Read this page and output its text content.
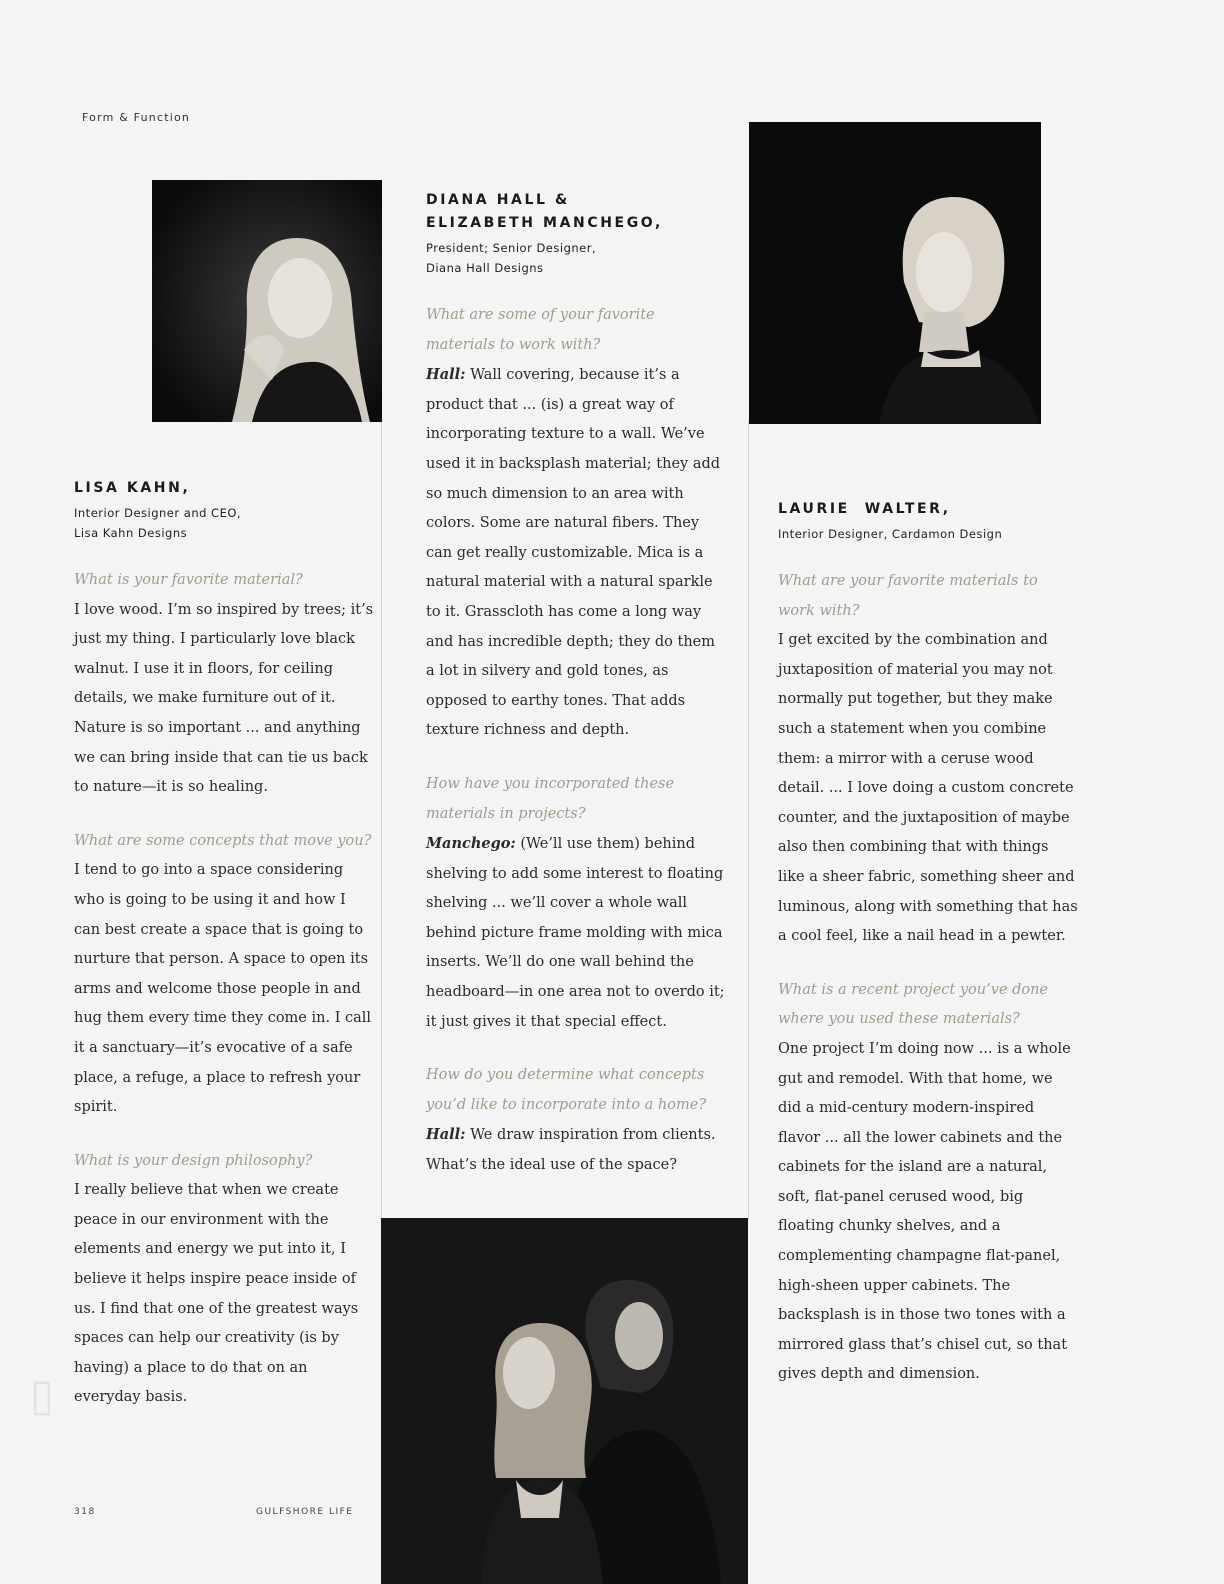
▯
Form & Function
LISA KAHN,
Interior Designer and CEO,
Lisa Kahn Designs
What is your favorite material?
I love wood. I’m so inspired by trees; it’s just my thing. I particularly love black walnut. I use it in floors, for ceiling details, we make furniture out of it. Nature is so important ... and anything we can bring inside that can tie us back to nature—it is so healing.
What are some concepts that move you?
I tend to go into a space considering who is going to be using it and how I can best create a space that is going to nurture that person. A space to open its arms and welcome those people in and hug them every time they come in. I call it a sanctuary—it’s evocative of a safe place, a refuge, a place to refresh your spirit.
What is your design philosophy?
I really believe that when we create peace in our environment with the elements and energy we put into it, I believe it helps inspire peace inside of us. I find that one of the greatest ways spaces can help our creativity (is by having) a place to do that on an everyday basis.
DIANA HALL &
ELIZABETH MANCHEGO,
President; Senior Designer,
Diana Hall Designs
What are some of your favorite materials to work with?
Hall: Wall covering, because it’s a product that ... (is) a great way of incorporating texture to a wall. We’ve used it in backsplash material; they add so much dimension to an area with colors. Some are natural fibers. They can get really customizable. Mica is a natural material with a natural sparkle to it. Grasscloth has come a long way and has incredible depth; they do them a lot in silvery and gold tones, as opposed to earthy tones. That adds texture richness and depth.
How have you incorporated these materials in projects?
Manchego: (We’ll use them) behind shelving to add some interest to floating shelving ... we’ll cover a whole wall behind picture frame molding with mica inserts. We’ll do one wall behind the headboard—in one area not to overdo it; it just gives it that special effect.
How do you determine what concepts you’d like to incorporate into a home?
Hall: We draw inspiration from clients. What’s the ideal use of the space?
LAURIE  WALTER,
Interior Designer, Cardamon Design
What are your favorite materials to work with?
I get excited by the combination and juxtaposition of material you may not normally put together, but they make such a statement when you combine them: a mirror with a ceruse wood detail. ... I love doing a custom concrete counter, and the juxtaposition of maybe also then combining that with things like a sheer fabric, something sheer and luminous, along with something that has a cool feel, like a nail head in a pewter.
What is a recent project you’ve done where you used these materials?
One project I’m doing now ... is a whole gut and remodel. With that home, we did a mid-century modern-inspired flavor ... all the lower cabinets and the cabinets for the island are a natural, soft, flat-panel cerused wood, big floating chunky shelves, and a complementing champagne flat-panel, high-sheen upper cabinets. The backsplash is in those two tones with a mirrored glass that’s chisel cut, so that gives depth and dimension.
318	GULFSHORE LIFE
